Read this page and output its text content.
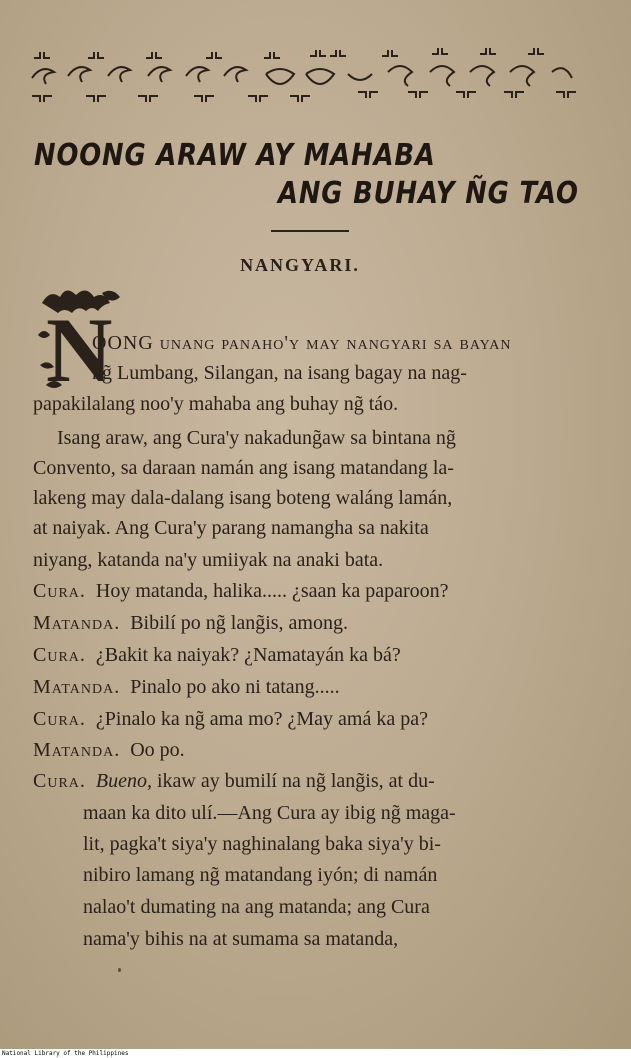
NOONG ARAW AY MAHABA
ANG BUHAY ÑG TAO
NANGYARI.
N
OONG unang panaho'y may nangyari sa bayan
ng̃ Lumbang, Silangan, na isang bagay na nag-
papakilalang noo'y mahaba ang buhay ng̃ táo.
Isang araw, ang Cura'y nakadung̃aw sa bintana ng̃
Convento, sa daraan namán ang isang matandang la-
lakeng may dala-dalang isang boteng waláng lamán,
at naiyak. Ang Cura'y parang namangha sa nakita
niyang, katanda na'y umiiyak na anaki bata.
Cura. Hoy matanda, halika..... ¿saan ka paparoon?
Matanda. Bibilí po ng̃ lang̃is, among.
Cura. ¿Bakit ka naiyak? ¿Namatayán ka bá?
Matanda. Pinalo po ako ni tatang.....
Cura. ¿Pinalo ka ng̃ ama mo? ¿May amá ka pa?
Matanda. Oo po.
Cura. Bueno, ikaw ay bumilí na ng̃ lang̃is, at du-
maan ka dito ulí.—Ang Cura ay ibig ng̃ maga-
lit, pagka't siya'y naghinalang baka siya'y bi-
nibiro lamang ng̃ matandang iyón; di namán
nalao't dumating na ang matanda; ang Cura
nama'y bihis na at sumama sa matanda,
National Library of the Philippines
